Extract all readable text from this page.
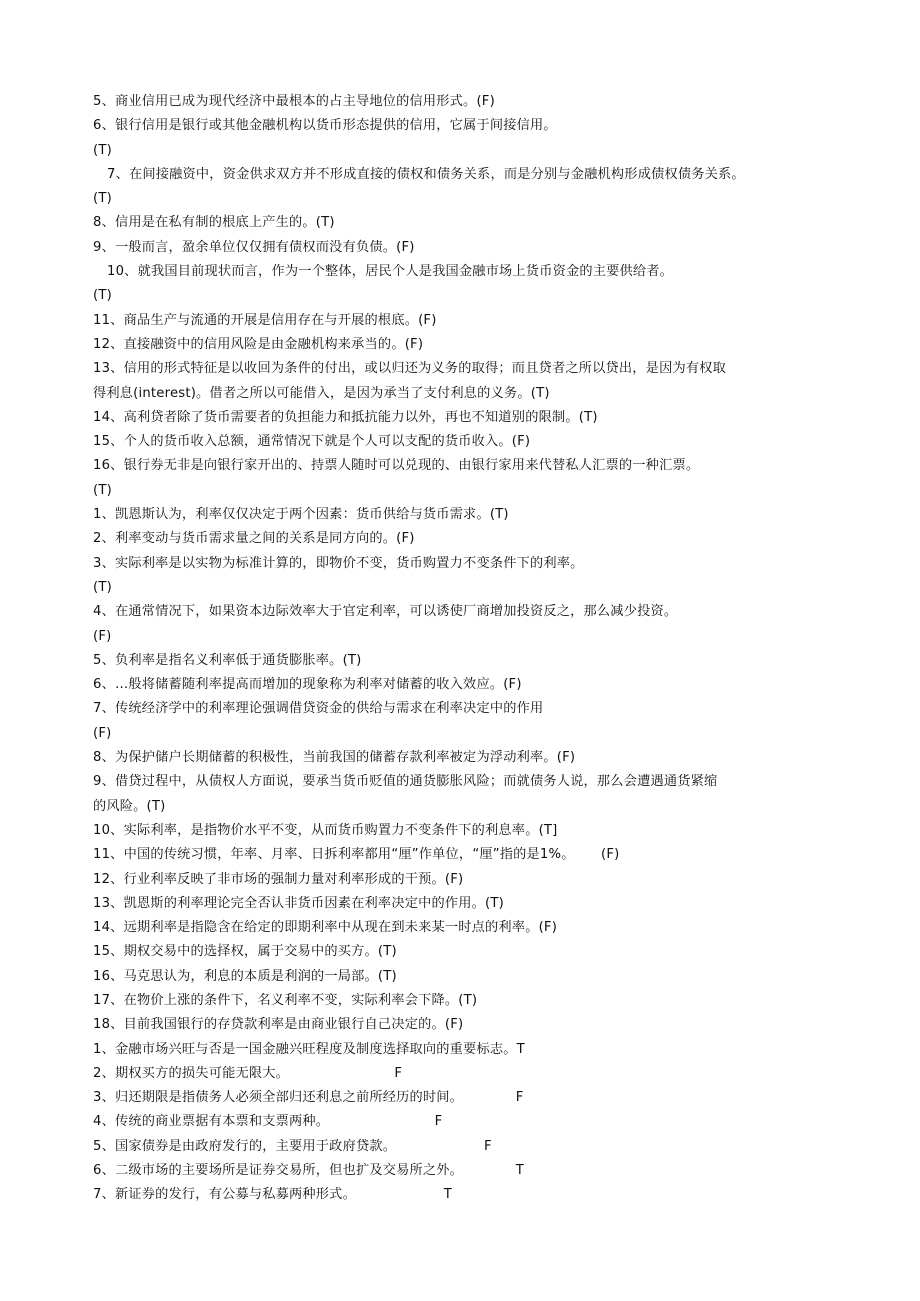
5、商业信用已成为现代经济中最根本的占主导地位的信用形式。(F)
6、银行信用是银行或其他金融机构以货币形态提供的信用，它属于间接信用。
(T)
7、在间接融资中，资金供求双方并不形成直接的债权和债务关系，而是分别与金融机构形成债权债务关系。
(T)
8、信用是在私有制的根底上产生的。(T)
9、一般而言，盈余单位仅仅拥有债权而没有负债。(F)
10、就我国目前现状而言，作为一个整体，居民个人是我国金融市场上货币资金的主要供给者。
(T)
11、商品生产与流通的开展是信用存在与开展的根底。(F)
12、直接融资中的信用风险是由金融机构来承当的。(F)
13、信用的形式特征是以收回为条件的付出，或以归还为义务的取得；而且贷者之所以贷出，是因为有权取
得利息(interest)。借者之所以可能借入，是因为承当了支付利息的义务。(T)
14、高利贷者除了货币需要者的负担能力和抵抗能力以外，再也不知道别的限制。(T)
15、个人的货币收入总额，通常情况下就是个人可以支配的货币收入。(F)
16、银行券无非是向银行家开出的、持票人随时可以兑现的、由银行家用来代替私人汇票的一种汇票。
(T)
1、凯恩斯认为，利率仅仅决定于两个因素：货币供给与货币需求。(T)
2、利率变动与货币需求量之间的关系是同方向的。(F)
3、实际利率是以实物为标准计算的，即物价不变，货币购置力不变条件下的利率。
(T)
4、在通常情况下，如果资本边际效率大于官定利率，可以诱使厂商增加投资反之，那么减少投资。
(F)
5、负利率是指名义利率低于通货膨胀率。(T)
6、…般将储蓄随利率提高而增加的现象称为利率对储蓄的收入效应。(F)
7、传统经济学中的利率理论强调借贷资金的供给与需求在利率决定中的作用
(F)
8、为保护储户长期储蓄的积极性，当前我国的储蓄存款利率被定为浮动利率。(F)
9、借贷过程中，从债权人方面说，要承当货币贬值的通货膨胀风险；而就债务人说，那么会遭遇通货紧缩
的风险。(T)
10、实际利率，是指物价水平不变，从而货币购置力不变条件下的利息率。(T]
11、中国的传统习惯，年率、月率、日拆利率都用“厘”作单位，“厘”指的是1%。      (F)
12、行业利率反映了非市场的强制力量对利率形成的干预。(F)
13、凯恩斯的利率理论完全否认非货币因素在利率决定中的作用。(T)
14、远期利率是指隐含在给定的即期利率中从现在到未来某一时点的利率。(F)
15、期权交易中的选择权，属于交易中的买方。(T)
16、马克思认为，利息的本质是利润的一局部。(T)
17、在物价上涨的条件下，名义利率不变，实际利率会下降。(T)
18、目前我国银行的存贷款利率是由商业银行自己决定的。(F)
1、金融市场兴旺与否是一国金融兴旺程度及制度选择取向的重要标志。T
2、期权买方的损失可能无限大。                        F
3、归还期限是指债务人必须全部归还利息之前所经历的时间。            F
4、传统的商业票据有本票和支票两种。                        F
5、国家债券是由政府发行的，主要用于政府贷款。                    F
6、二级市场的主要场所是证券交易所，但也扩及交易所之外。            T
7、新证券的发行，有公募与私募两种形式。                    T
